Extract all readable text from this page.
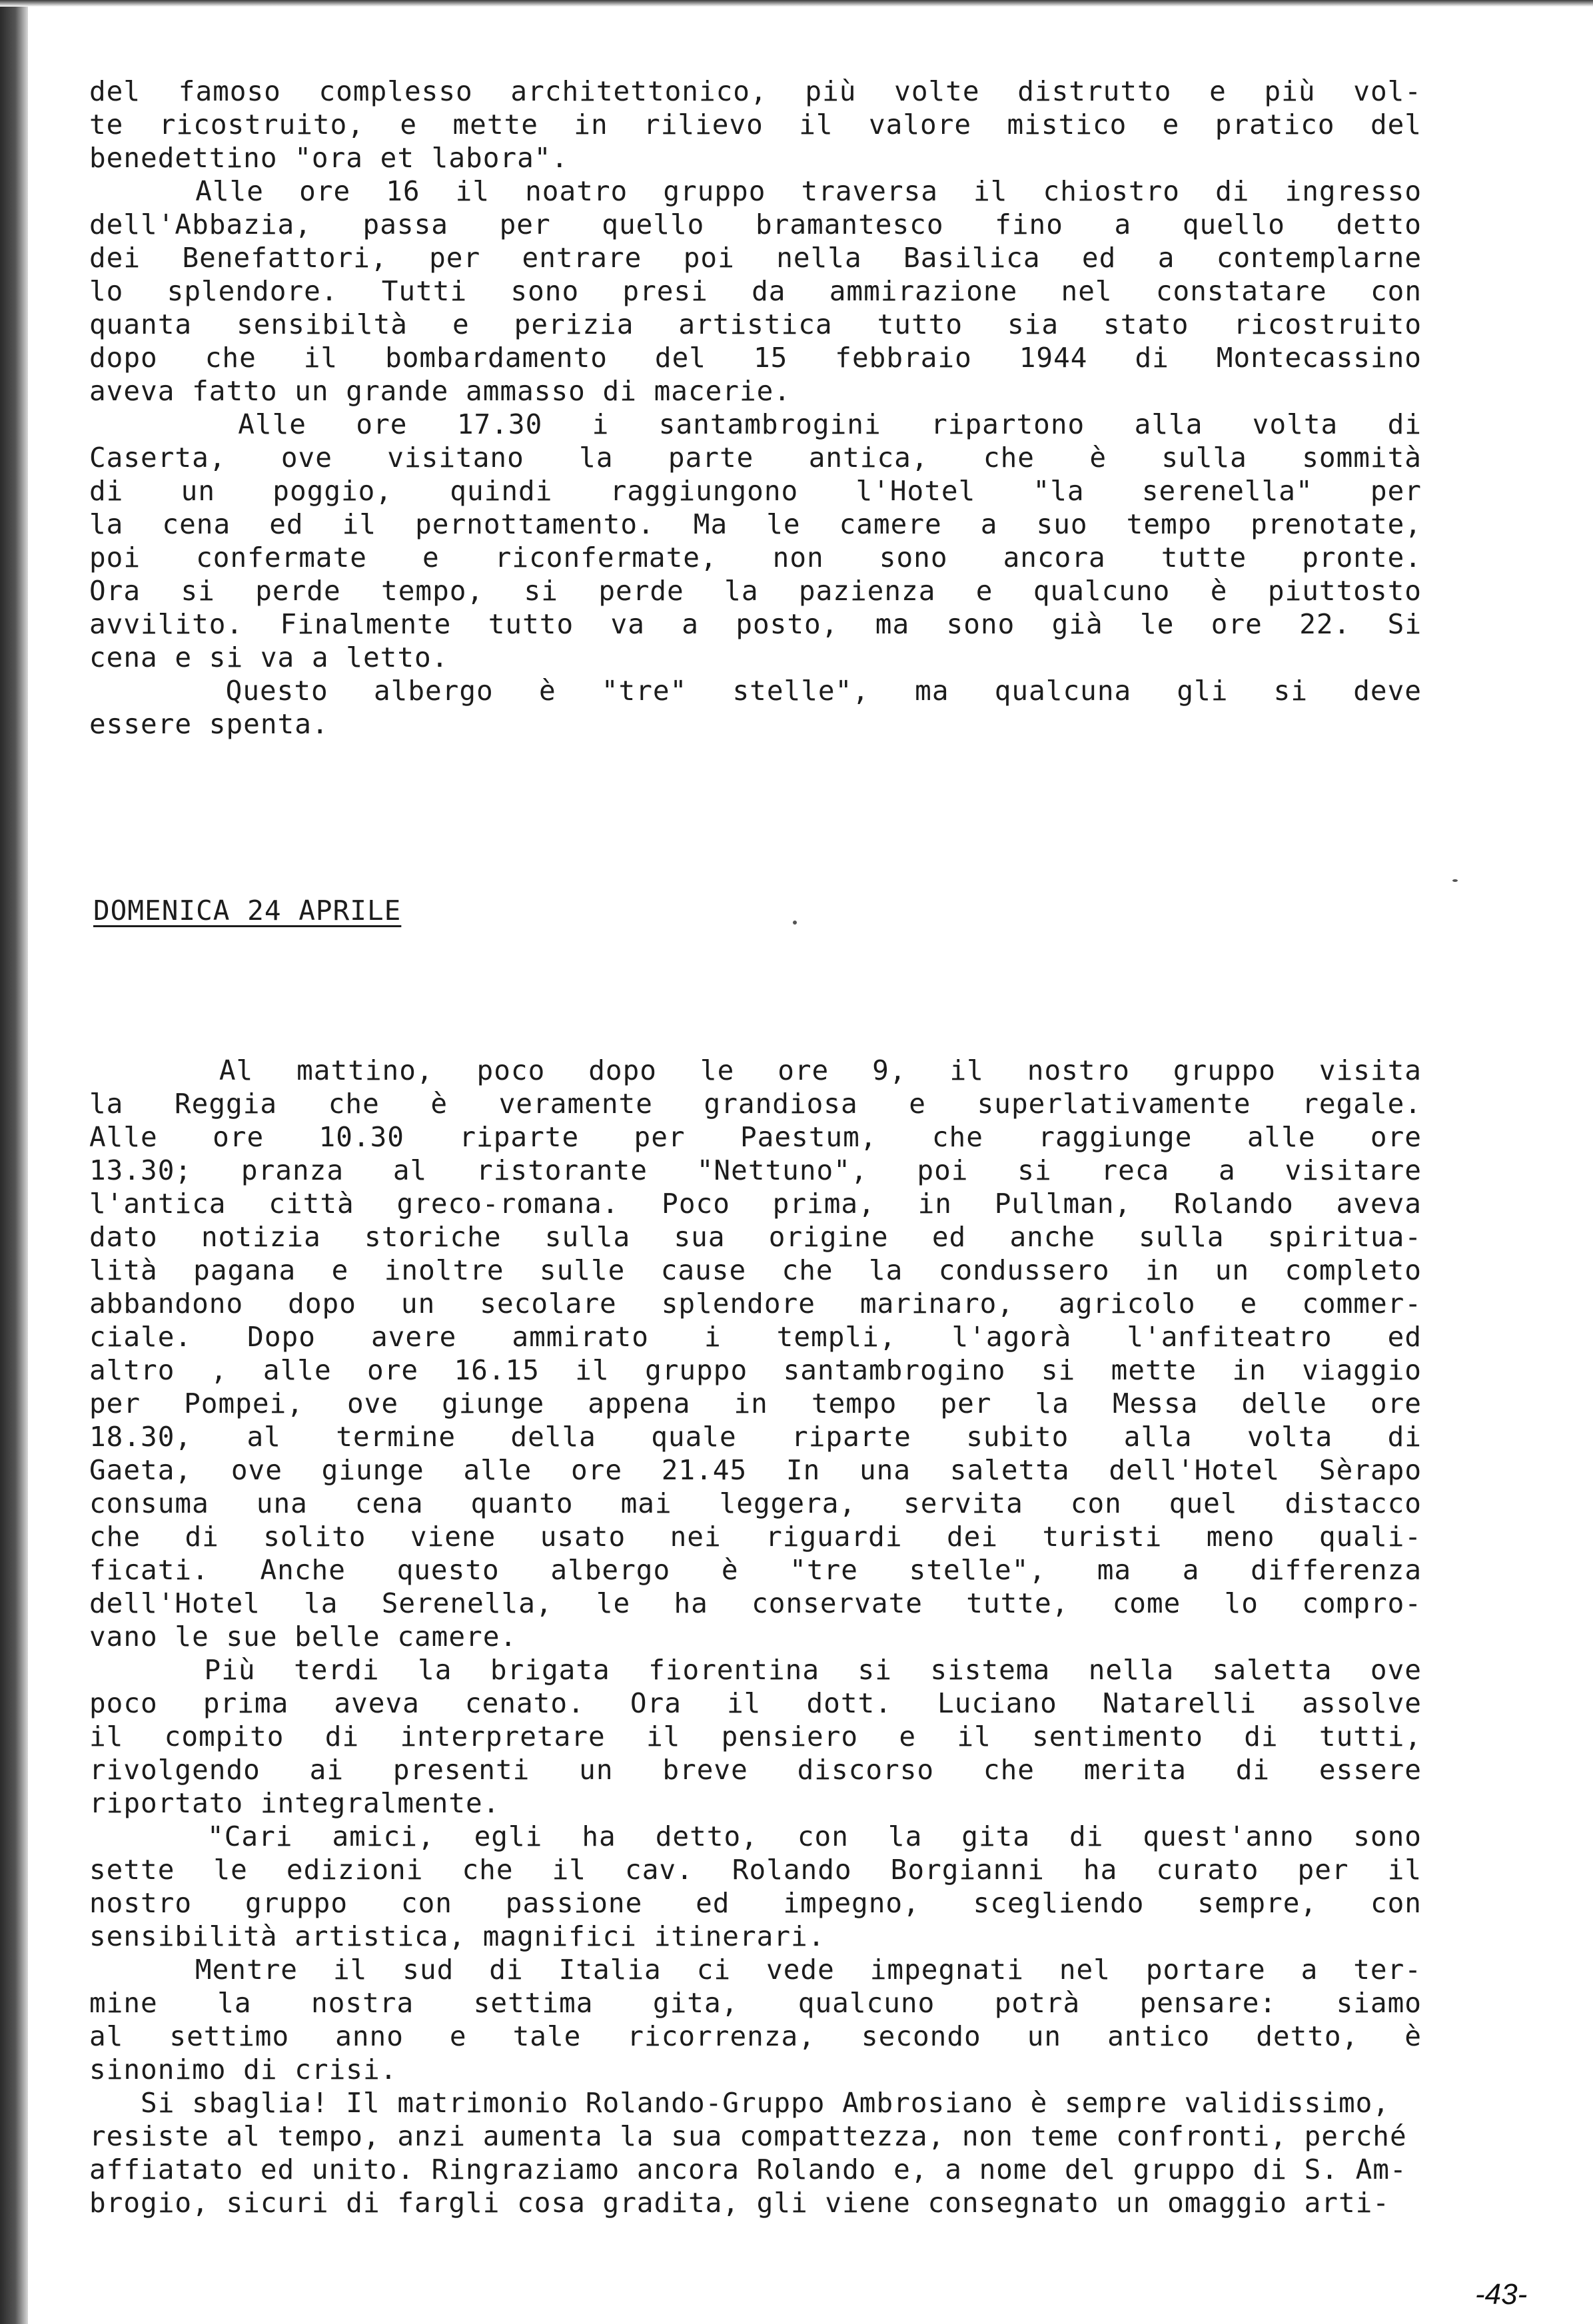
del famoso complesso architettonico, più volte distrutto e più vol-
te ricostruito, e mette in rilievo il valore mistico e pratico del
benedettino "ora et labora".
Alle ore 16 il noatro gruppo traversa il chiostro di ingresso
dell'Abbazia, passa per quello bramantesco fino a quello detto
dei Benefattori, per entrare poi nella Basilica ed a contemplarne
lo splendore. Tutti sono presi da ammirazione nel constatare con
quanta sensibiltà e perizia artistica tutto sia stato ricostruito
dopo che il bombardamento del 15 febbraio 1944 di Montecassino
aveva fatto un grande ammasso di macerie.
Alle ore 17.30 i santambrogini ripartono alla volta di
Caserta, ove visitano la parte antica, che è sulla sommità
di un poggio, quindi raggiungono l'Hotel "la serenella" per
la cena ed il pernottamento. Ma le camere a suo tempo prenotate,
poi confermate e riconfermate, non sono ancora tutte pronte.
Ora si perde tempo, si perde la pazienza e qualcuno è piuttosto
avvilito. Finalmente tutto va a posto, ma sono già le ore 22. Si
cena e si va a letto.
Questo albergo è "tre" stelle", ma qualcuna gli si deve
essere spenta.
DOMENICA 24 APRILE
Al mattino, poco dopo le ore 9, il nostro gruppo visita
la Reggia che è veramente grandiosa e superlativamente regale.
Alle ore 10.30 riparte per Paestum, che raggiunge alle ore
13.30; pranza al ristorante "Nettuno", poi si reca a visitare
l'antica città greco-romana. Poco prima, in Pullman, Rolando aveva
dato notizia storiche sulla sua origine ed anche sulla spiritua-
lità pagana e inoltre sulle cause che la condussero in un completo
abbandono dopo un secolare splendore marinaro, agricolo e commer-
ciale. Dopo avere ammirato i templi, l'agorà l'anfiteatro ed
altro , alle ore 16.15 il gruppo santambrogino si mette in viaggio
per Pompei, ove giunge appena in tempo per la Messa delle ore
18.30, al termine della quale riparte subito alla volta di
Gaeta, ove giunge alle ore 21.45 In una saletta dell'Hotel Sèrapo
consuma una cena quanto mai leggera, servita con quel distacco
che di solito viene usato nei riguardi dei turisti meno quali-
ficati. Anche questo albergo è "tre stelle", ma a differenza
dell'Hotel la Serenella, le ha conservate tutte, come lo compro-
vano le sue belle camere.
Più terdi la brigata fiorentina si sistema nella saletta ove
poco prima aveva cenato. Ora il dott. Luciano Natarelli assolve
il compito di interpretare il pensiero e il sentimento di tutti,
rivolgendo ai presenti un breve discorso che merita di essere
riportato integralmente.
"Cari amici, egli ha detto, con la gita di quest'anno sono
sette le edizioni che il cav. Rolando Borgianni ha curato per il
nostro gruppo con passione ed impegno, scegliendo sempre, con
sensibilità artistica, magnifici itinerari.
Mentre il sud di Italia ci vede impegnati nel portare a ter-
mine la nostra settima gita, qualcuno potrà pensare: siamo
al settimo anno e tale ricorrenza, secondo un antico detto, è
sinonimo di crisi.
Si sbaglia! Il matrimonio Rolando-Gruppo Ambrosiano è sempre validissimo,
resiste al tempo, anzi aumenta la sua compattezza, non teme confronti, perché
affiatato ed unito. Ringraziamo ancora Rolando e, a nome del gruppo di S. Am-
brogio, sicuri di fargli cosa gradita, gli viene consegnato un omaggio arti-
-43-
